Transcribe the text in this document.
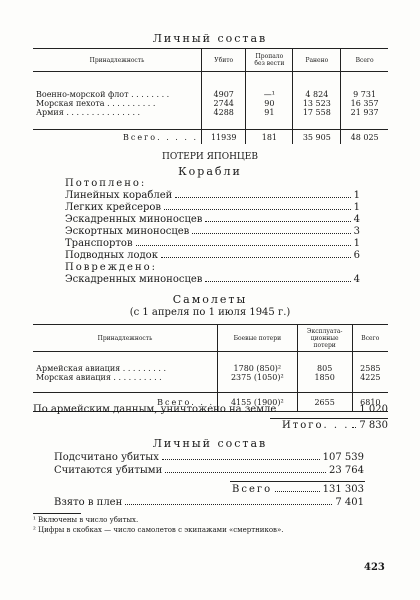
Личный состав
Принадлежность	Убито	Пропало без вести	Ранено	Всего
Военно-морской флот . . . . . . . .	4907	—¹	4 824	9 731
Морская пехота . . . . . . . . . .	2744	90	13 523	16 357
Армия . . . . . . . . . . . . . . .	4288	91	17 558	21 937
Всего. . . . .	11939	181	35 905	48 025
ПОТЕРИ ЯПОНЦЕВ
Корабли
Потоплено:
Линейных кораблей	1
Легких крейсеров	1
Эскадренных миноносцев	4
Эскортных миноносцев	3
Транспортов	1
Подводных лодок	6
Повреждено:
Эскадренных миноносцев	4
Самолеты
(с 1 апреля по 1 июля 1945 г.)
Принадлежность	Боевые потери	Эксплуата-ционные потери	Всего
Армейская авиация . . . . . . . . .	1780 (850)²	805	2585
Морская авиация . . . . . . . . . .	2375 (1050)²	1850	4225
Всего. . .	4155 (1900)²	2655	6810
По армейским данным, уничтожено на земле	1 020
Итого. . . 7 830
Личный состав
Подсчитано убитых	107 539
Считаются убитыми	23 764
Всего	131 303
Взято в плен	7 401
¹ Включены в число убитых.
² Цифры в скобках — число самолетов с экипажами «смертников».
423
